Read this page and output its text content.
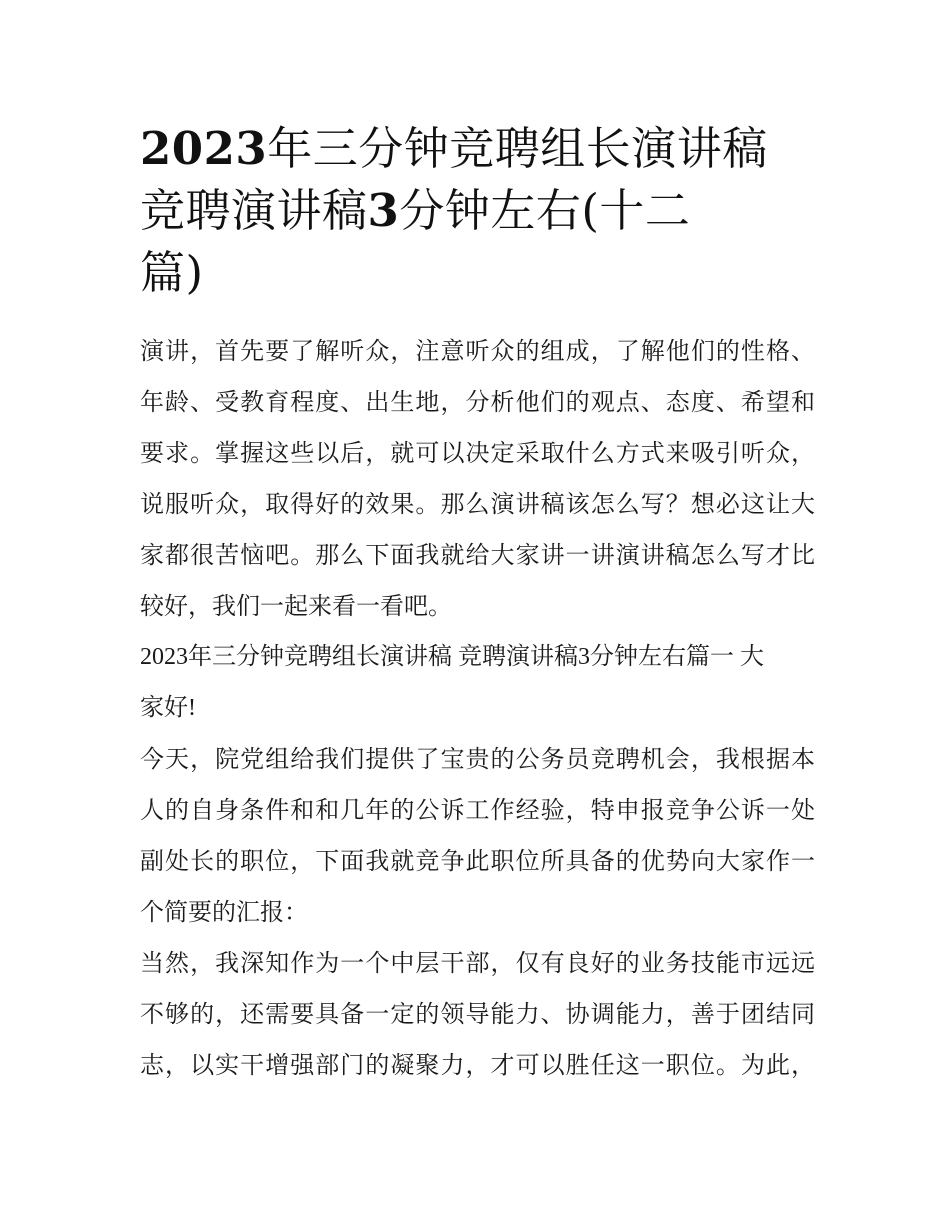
2023年三分钟竞聘组长演讲稿
竞聘演讲稿3分钟左右(十二
篇)

演讲，首先要了解听众，注意听众的组成，了解他们的性格、
年龄、受教育程度、出生地，分析他们的观点、态度、希望和
要求。掌握这些以后，就可以决定采取什么方式来吸引听众，
说服听众，取得好的效果。那么演讲稿该怎么写？想必这让大
家都很苦恼吧。那么下面我就给大家讲一讲演讲稿怎么写才比
较好，我们一起来看一看吧。

2023年三分钟竞聘组长演讲稿 竞聘演讲稿3分钟左右篇一 大
家好!

今天，院党组给我们提供了宝贵的公务员竞聘机会，我根据本
人的自身条件和和几年的公诉工作经验，特申报竞争公诉一处
副处长的职位，下面我就竞争此职位所具备的优势向大家作一
个简要的汇报：

当然，我深知作为一个中层干部，仅有良好的业务技能市远远
不够的，还需要具备一定的领导能力、协调能力，善于团结同
志，以实干增强部门的凝聚力，才可以胜任这一职位。为此，
